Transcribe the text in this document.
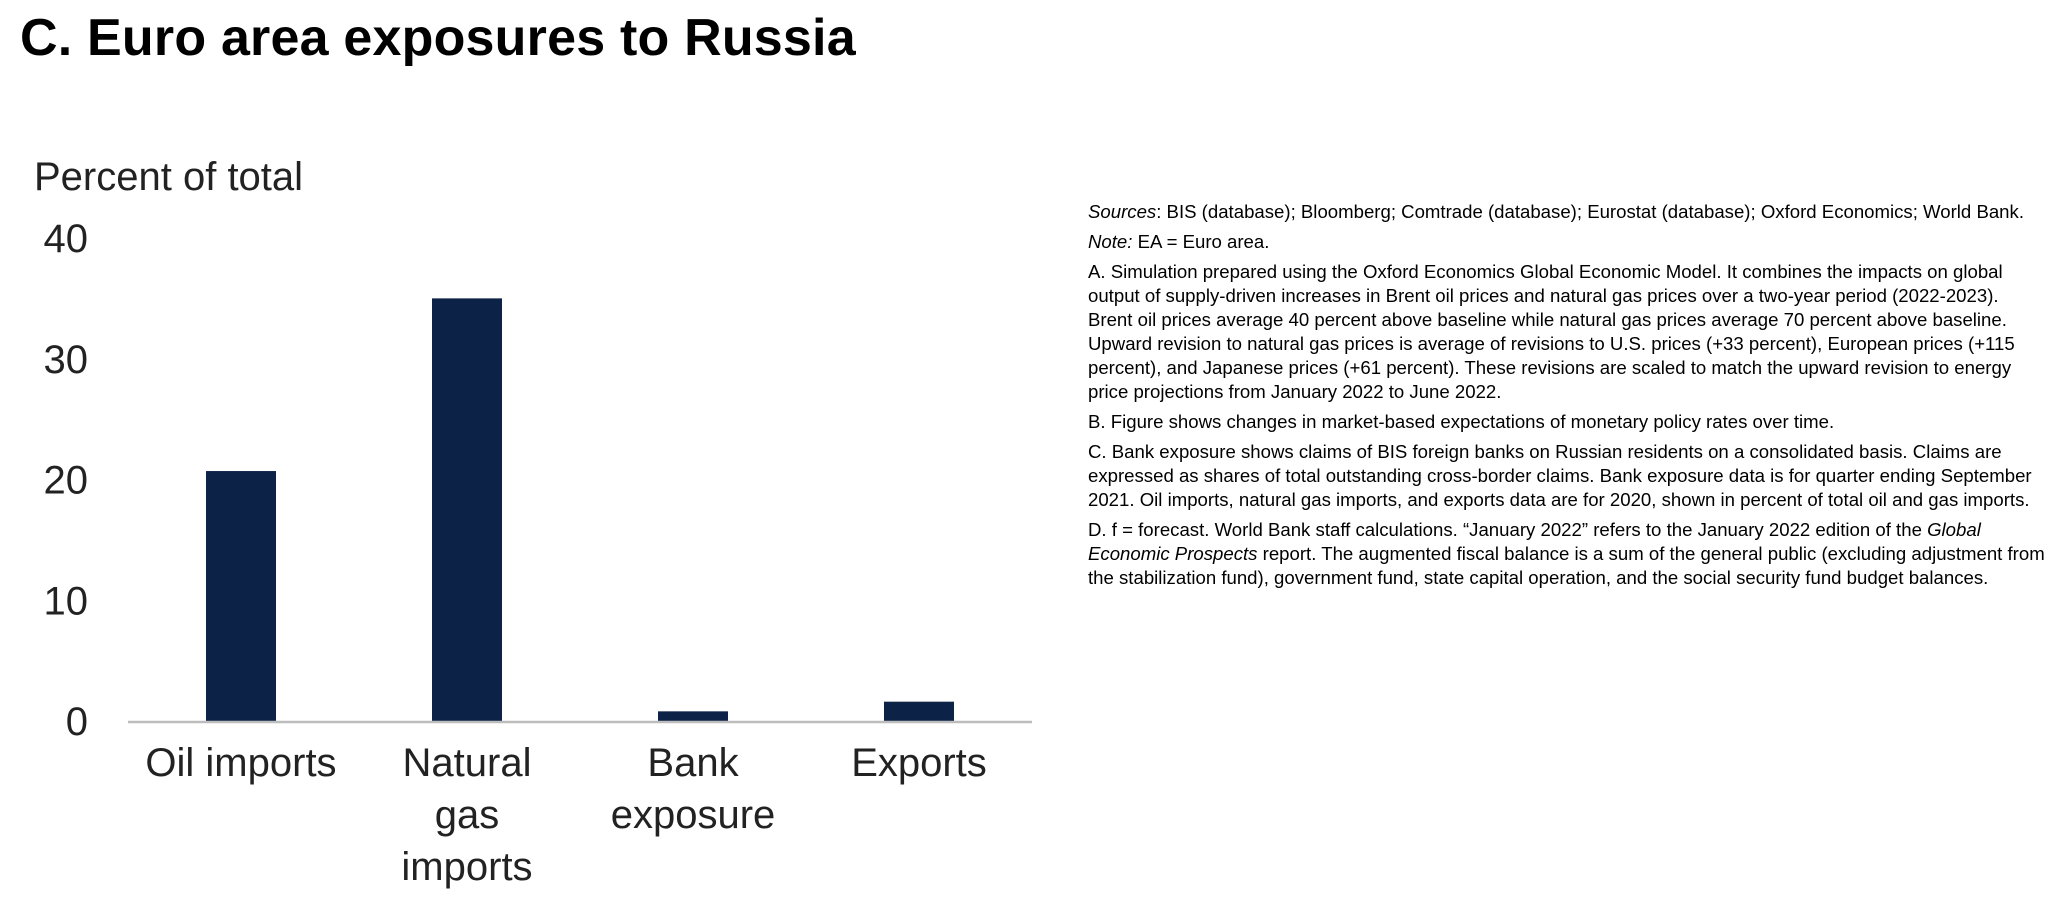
C. Euro area exposures to Russia
Percent of total
0
10
20
30
40
Oil imports Natural gas imports
Bank exposure
Exports

Sources: BIS (database); Bloomberg; Comtrade (database); Eurostat (database); Oxford Economics; World Bank.

Note: EA = Euro area.

A. Simulation prepared using the Oxford Economics Global Economic Model. It combines the impacts on global output of supply-driven increases in Brent oil prices and natural gas prices over a two-year period (2022-2023). Brent oil prices average 40 percent above baseline while natural gas prices average 70 percent above baseline. Upward revision to natural gas prices is average of revisions to U.S. prices (+33 percent), European prices (+115 percent), and Japanese prices (+61 percent). These revisions are scaled to match the upward revision to energy price projections from January 2022 to June 2022.

B. Figure shows changes in market-based expectations of monetary policy rates over time.

C. Bank exposure shows claims of BIS foreign banks on Russian residents on a consolidated basis. Claims are expressed as shares of total outstanding cross-border claims. Bank exposure data is for quarter ending September 2021. Oil imports, natural gas imports, and exports data are for 2020, shown in percent of total oil and gas imports.

D. f = forecast. World Bank staff calculations. “January 2022” refers to the January 2022 edition of the Global Economic Prospects report. The augmented fiscal balance is a sum of the general public (excluding adjustment from the stabilization fund), government fund, state capital operation, and the social security fund budget balances.
